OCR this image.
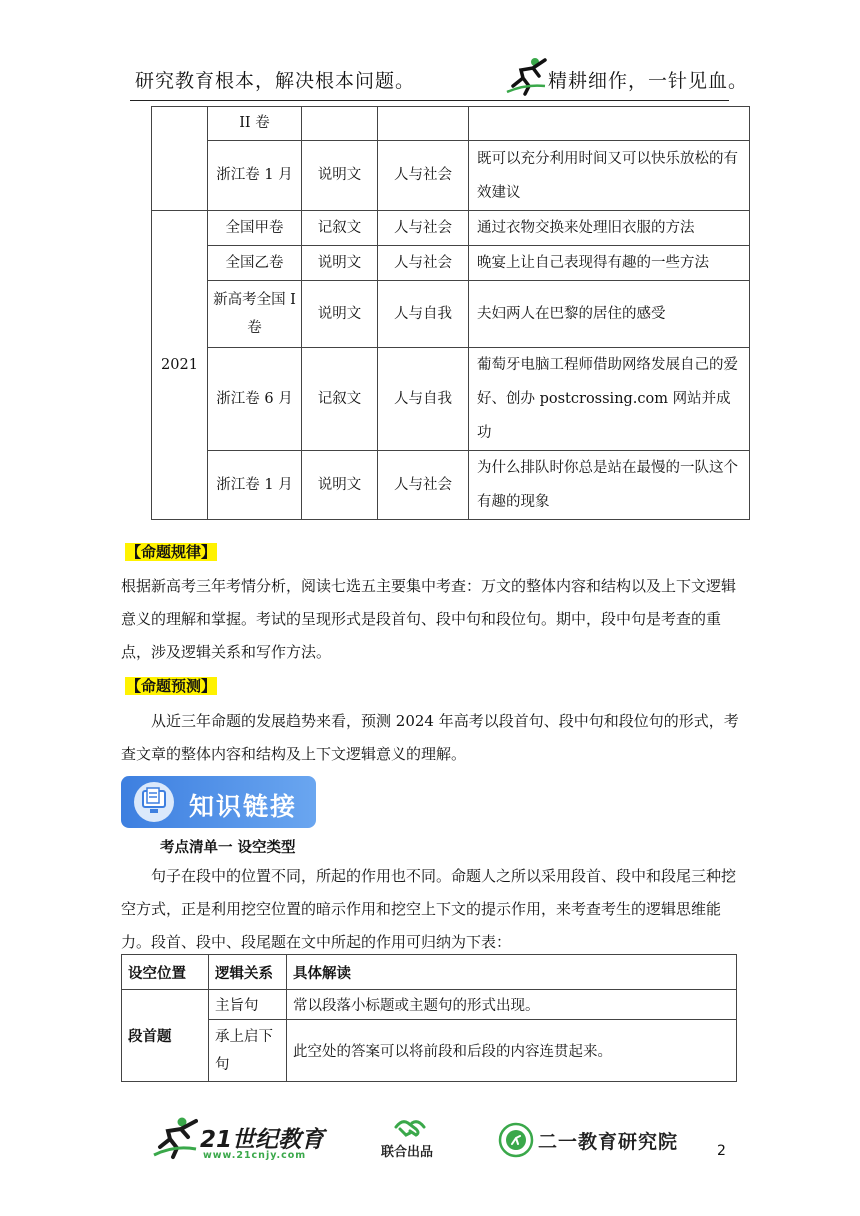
研究教育根本，解决根本问题。	精耕细作，一针见血。
	II 卷			
	浙江卷 1 月	说明文	人与社会	既可以充分利用时间又可以快乐放松的有效建议
2021	全国甲卷	记叙文	人与社会	通过衣物交换来处理旧衣服的方法
	全国乙卷	说明文	人与社会	晚宴上让自己表现得有趣的一些方法
	新高考全国 I 卷	说明文	人与自我	夫妇两人在巴黎的居住的感受
	浙江卷 6 月	记叙文	人与自我	葡萄牙电脑工程师借助网络发展自己的爱好、创办 postcrossing.com 网站并成功
	浙江卷 1 月	说明文	人与社会	为什么排队时你总是站在最慢的一队这个有趣的现象
【命题规律】
根据新高考三年考情分析，阅读七选五主要集中考查：万文的整体内容和结构以及上下文逻辑意义的理解和掌握。考试的呈现形式是段首句、段中句和段位句。期中，段中句是考查的重点，涉及逻辑关系和写作方法。
【命题预测】
从近三年命题的发展趋势来看，预测 2024 年高考以段首句、段中句和段位句的形式，考查文章的整体内容和结构及上下文逻辑意义的理解。
知识链接
考点清单一 设空类型
句子在段中的位置不同，所起的作用也不同。命题人之所以采用段首、段中和段尾三种挖空方式，正是利用挖空位置的暗示作用和挖空上下文的提示作用，来考查考生的逻辑思维能力。段首、段中、段尾题在文中所起的作用可归纳为下表：
设空位置	逻辑关系	具体解读
段首题	主旨句	常以段落小标题或主题句的形式出现。
	承上启下句	此空处的答案可以将前段和后段的内容连贯起来。
21世纪教育
www.21cnjy.com	联合出品	二一教育研究院	2
